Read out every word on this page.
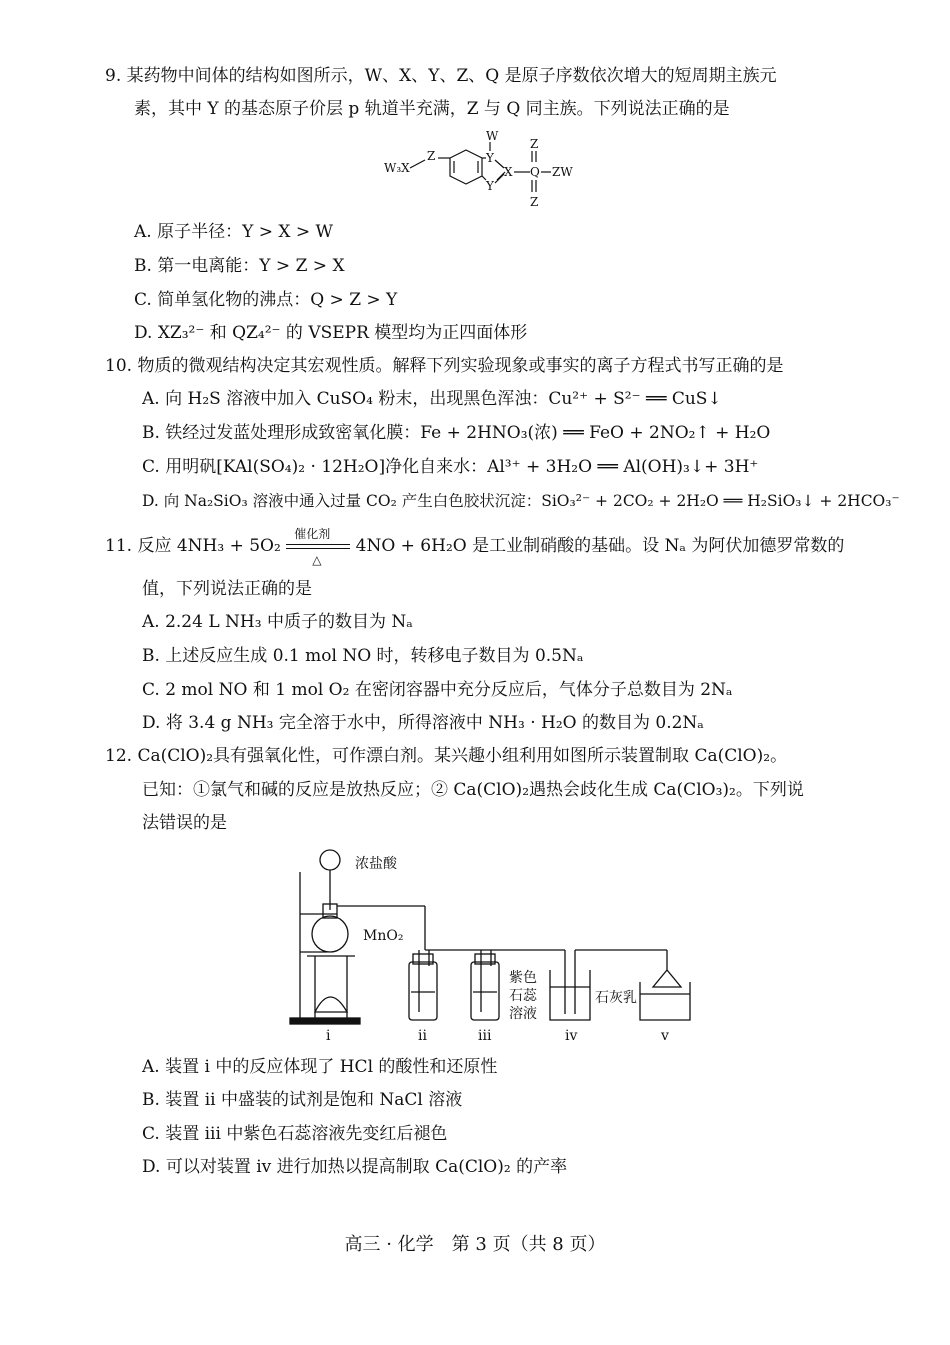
9. 某药物中间体的结构如图所示，W、X、Y、Z、Q 是原子序数依次增大的短周期主族元
素，其中 Y 的基态原子价层 p 轨道半充满，Z 与 Q 同主族。下列说法正确的是
W₃X
Z
W
Y
Y
X Q
Z
Z
ZW
A. 原子半径：Y > X > W
B. 第一电离能：Y > Z > X
C. 简单氢化物的沸点：Q > Z > Y
D. XZ₃²⁻ 和 QZ₄²⁻ 的 VSEPR 模型均为正四面体形
10. 物质的微观结构决定其宏观性质。解释下列实验现象或事实的离子方程式书写正确的是
A. 向 H₂S 溶液中加入 CuSO₄ 粉末，出现黑色浑浊：Cu²⁺ + S²⁻ ══ CuS↓
B. 铁经过发蓝处理形成致密氧化膜：Fe + 2HNO₃(浓) ══ FeO + 2NO₂↑ + H₂O
C. 用明矾[KAl(SO₄)₂ · 12H₂O]净化自来水：Al³⁺ + 3H₂O ══ Al(OH)₃↓+ 3H⁺
D. 向 Na₂SiO₃ 溶液中通入过量 CO₂ 产生白色胶状沉淀：SiO₃²⁻ + 2CO₂ + 2H₂O ══ H₂SiO₃↓ + 2HCO₃⁻
11. 反应 4NH₃ + 5O₂
催化剂
△
4NO + 6H₂O 是工业制硝酸的基础。设 Nₐ 为阿伏加德罗常数的
值，下列说法正确的是
A. 2.24 L NH₃ 中质子的数目为 Nₐ
B. 上述反应生成 0.1 mol NO 时，转移电子数目为 0.5Nₐ
C. 2 mol NO 和 1 mol O₂ 在密闭容器中充分反应后，气体分子总数目为 2Nₐ
D. 将 3.4 g NH₃ 完全溶于水中，所得溶液中 NH₃ · H₂O 的数目为 0.2Nₐ
12. Ca(ClO)₂具有强氧化性，可作漂白剂。某兴趣小组利用如图所示装置制取 Ca(ClO)₂。
已知：①氯气和碱的反应是放热反应；② Ca(ClO)₂遇热会歧化生成 Ca(ClO₃)₂。下列说
法错误的是
浓盐酸
MnO₂
紫色
石蕊
溶液
石灰乳
i	ii	iii	iv	v
A. 装置 i 中的反应体现了 HCl 的酸性和还原性
B. 装置 ii 中盛装的试剂是饱和 NaCl 溶液
C. 装置 iii 中紫色石蕊溶液先变红后褪色
D. 可以对装置 iv 进行加热以提高制取 Ca(ClO)₂ 的产率
高三 · 化学　第 3 页（共 8 页）
